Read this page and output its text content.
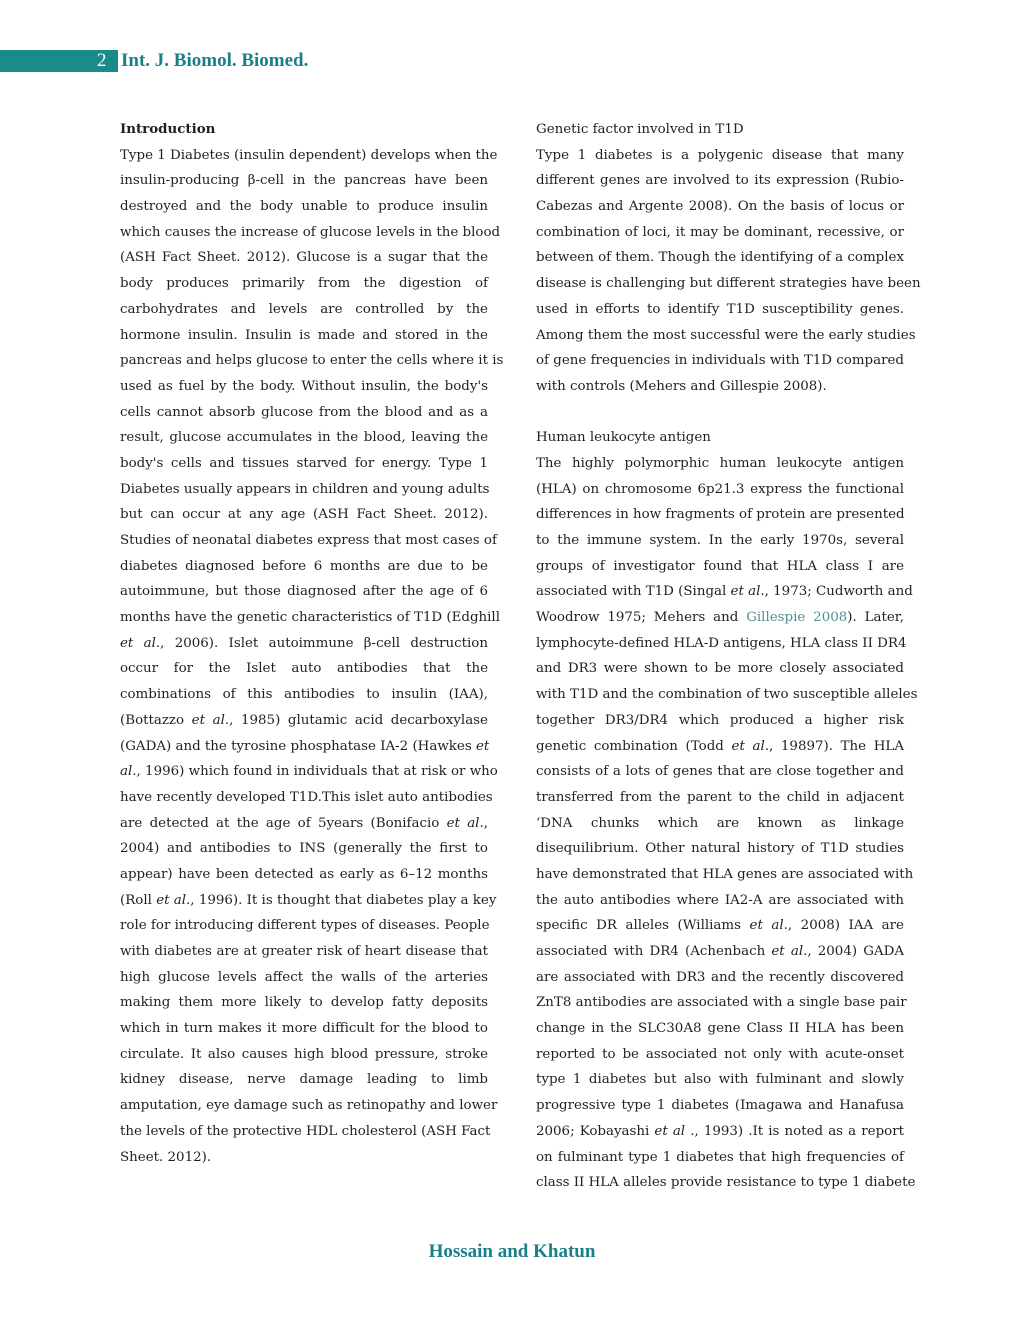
2 Int. J. Biomol. Biomed.
Introduction
Type 1 Diabetes (insulin dependent) develops when the
insulin-producing β-cell in the pancreas have been
destroyed and the body unable to produce insulin
which causes the increase of glucose levels in the blood
(ASH Fact Sheet. 2012). Glucose is a sugar that the
body produces primarily from the digestion of
carbohydrates and levels are controlled by the
hormone insulin. Insulin is made and stored in the
pancreas and helps glucose to enter the cells where it is
used as fuel by the body. Without insulin, the body's
cells cannot absorb glucose from the blood and as a
result, glucose accumulates in the blood, leaving the
body's cells and tissues starved for energy. Type 1
Diabetes usually appears in children and young adults
but can occur at any age (ASH Fact Sheet. 2012).
Studies of neonatal diabetes express that most cases of
diabetes diagnosed before 6 months are due to be
autoimmune, but those diagnosed after the age of 6
months have the genetic characteristics of T1D (Edghill
et al., 2006). Islet autoimmune β-cell destruction
occur for the Islet auto antibodies that the
combinations of this antibodies to insulin (IAA),
(Bottazzo et al., 1985) glutamic acid decarboxylase
(GADA) and the tyrosine phosphatase IA-2 (Hawkes et
al., 1996) which found in individuals that at risk or who
have recently developed T1D.This islet auto antibodies
are detected at the age of 5years (Bonifacio et al.,
2004) and antibodies to INS (generally the first to
appear) have been detected as early as 6–12 months
(Roll et al., 1996). It is thought that diabetes play a key
role for introducing different types of diseases. People
with diabetes are at greater risk of heart disease that
high glucose levels affect the walls of the arteries
making them more likely to develop fatty deposits
which in turn makes it more difficult for the blood to
circulate. It also causes high blood pressure, stroke
kidney disease, nerve damage leading to limb
amputation, eye damage such as retinopathy and lower
the levels of the protective HDL cholesterol (ASH Fact
Sheet. 2012).
Genetic factor involved in T1D
Type 1 diabetes is a polygenic disease that many
different genes are involved to its expression (Rubio-
Cabezas and Argente 2008). On the basis of locus or
combination of loci, it may be dominant, recessive, or
between of them. Though the identifying of a complex
disease is challenging but different strategies have been
used in efforts to identify T1D susceptibility genes.
Among them the most successful were the early studies
of gene frequencies in individuals with T1D compared
with controls (Mehers and Gillespie 2008).
Human leukocyte antigen
The highly polymorphic human leukocyte antigen
(HLA) on chromosome 6p21.3 express the functional
differences in how fragments of protein are presented
to the immune system. In the early 1970s, several
groups of investigator found that HLA class I are
associated with T1D (Singal et al., 1973; Cudworth and
Woodrow 1975; Mehers and Gillespie 2008). Later,
lymphocyte-defined HLA-D antigens, HLA class II DR4
and DR3 were shown to be more closely associated
with T1D and the combination of two susceptible alleles
together DR3/DR4 which produced a higher risk
genetic combination (Todd et al., 19897). The HLA
consists of a lots of genes that are close together and
transferred from the parent to the child in adjacent
‘DNA chunks which are known as linkage
disequilibrium. Other natural history of T1D studies
have demonstrated that HLA genes are associated with
the auto antibodies where IA2-A are associated with
specific DR alleles (Williams et al., 2008) IAA are
associated with DR4 (Achenbach et al., 2004) GADA
are associated with DR3 and the recently discovered
ZnT8 antibodies are associated with a single base pair
change in the SLC30A8 gene Class II HLA has been
reported to be associated not only with acute-onset
type 1 diabetes but also with fulminant and slowly
progressive type 1 diabetes (Imagawa and Hanafusa
2006; Kobayashi et al ., 1993) .It is noted as a report
on fulminant type 1 diabetes that high frequencies of
class II HLA alleles provide resistance to type 1 diabete
Hossain and Khatun
